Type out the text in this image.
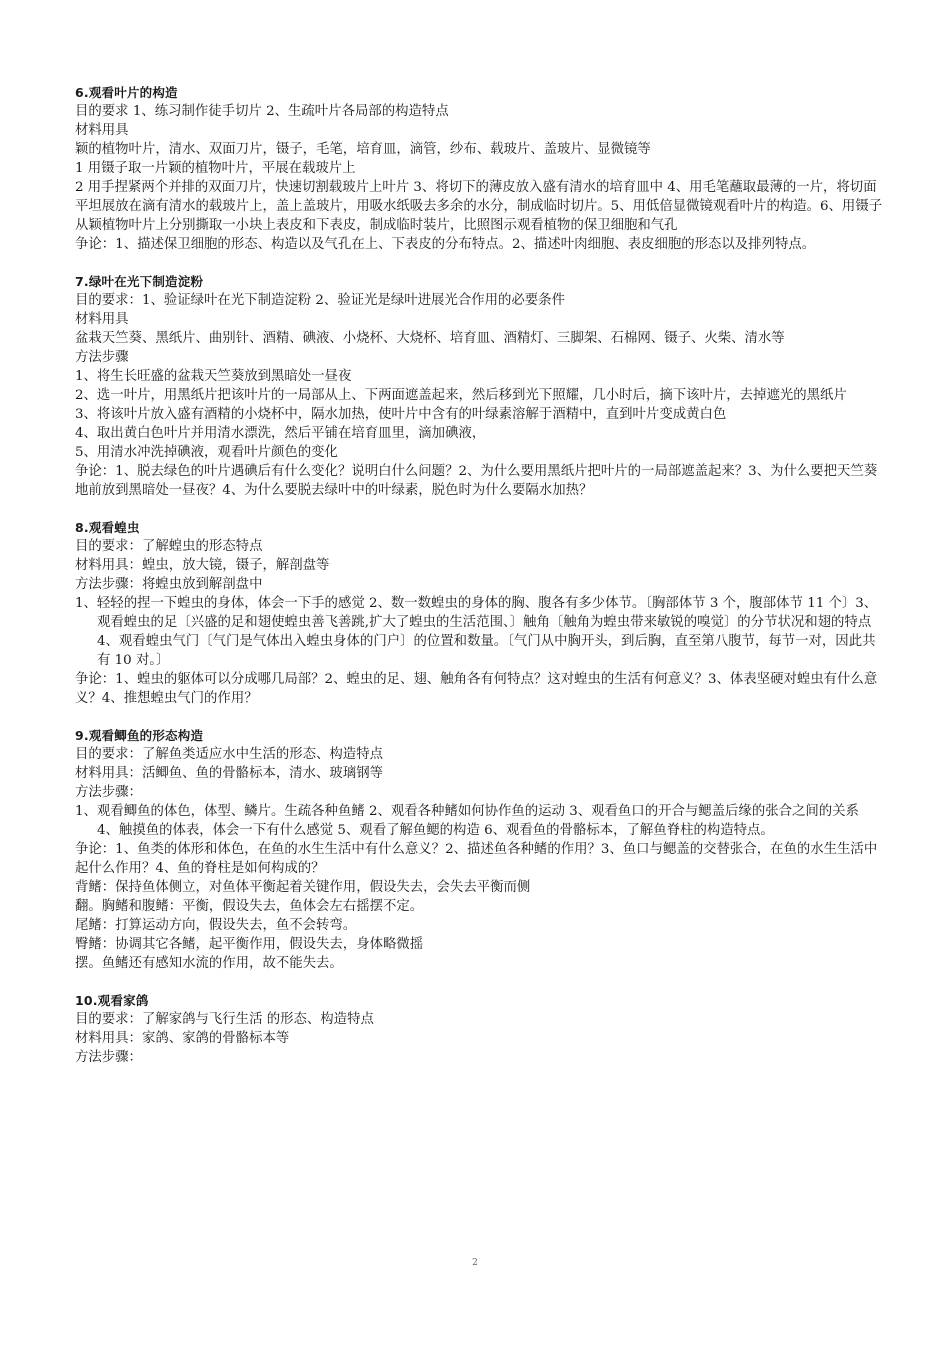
6.观看叶片的构造
目的要求 1、练习制作徒手切片 2、生疏叶片各局部的构造特点
材料用具
颖的植物叶片，清水、双面刀片，镊子，毛笔，培育皿，滴管，纱布、载玻片、盖玻片、显微镜等
1 用镊子取一片颖的植物叶片，平展在载玻片上
2 用手捏紧两个并排的双面刀片，快速切割载玻片上叶片 3、将切下的薄皮放入盛有清水的培育皿中 4、用毛笔蘸取最薄的一片，将切面平坦展放在滴有清水的载玻片上，盖上盖玻片，用吸水纸吸去多余的水分，制成临时切片。5、用低倍显微镜观看叶片的构造。6、用镊子从颖植物叶片上分别撕取一小块上表皮和下表皮，制成临时装片，比照图示观看植物的保卫细胞和气孔
争论：1、描述保卫细胞的形态、构造以及气孔在上、下表皮的分布特点。2、描述叶肉细胞、表皮细胞的形态以及排列特点。
7.绿叶在光下制造淀粉
目的要求：1、验证绿叶在光下制造淀粉 2、验证光是绿叶进展光合作用的必要条件
材料用具
盆栽天竺葵、黑纸片、曲别针、酒精、碘液、小烧杯、大烧杯、培育皿、酒精灯、三脚架、石棉网、镊子、火柴、清水等
方法步骤
1、将生长旺盛的盆栽天竺葵放到黑暗处一昼夜
2、选一叶片，用黑纸片把该叶片的一局部从上、下两面遮盖起来，然后移到光下照耀，几小时后，摘下该叶片，去掉遮光的黑纸片
3、将该叶片放入盛有酒精的小烧杯中，隔水加热，使叶片中含有的叶绿素溶解于酒精中，直到叶片变成黄白色
4、取出黄白色叶片并用清水漂洗，然后平铺在培育皿里，滴加碘液，
5、用清水冲洗掉碘液，观看叶片颜色的变化
争论：1、脱去绿色的叶片遇碘后有什么变化？说明白什么问题？2、为什么要用黑纸片把叶片的一局部遮盖起来？3、为什么要把天竺葵地前放到黑暗处一昼夜？4、为什么要脱去绿叶中的叶绿素，脱色时为什么要隔水加热？
8.观看蝗虫
目的要求：了解蝗虫的形态特点
材料用具：蝗虫，放大镜，镊子，解剖盘等
方法步骤：将蝗虫放到解剖盘中
1、轻轻的捏一下蝗虫的身体，体会一下手的感觉 2、数一数蝗虫的身体的胸、腹各有多少体节。〔胸部体节 3 个，腹部体节 11 个〕3、观看蝗虫的足〔兴盛的足和翅使蝗虫善飞善跳,扩大了蝗虫的生活范围、〕触角〔触角为蝗虫带来敏锐的嗅觉〕的分节状况和翅的特点 4、观看蝗虫气门〔气门是气体出入蝗虫身体的门户〕的位置和数量。〔气门从中胸开头，到后胸，直至第八腹节，每节一对，因此共有 10 对。〕
争论：1、蝗虫的躯体可以分成哪几局部？2、蝗虫的足、翅、触角各有何特点？这对蝗虫的生活有何意义？3、体表坚硬对蝗虫有什么意义？4、推想蝗虫气门的作用？
9.观看鲫鱼的形态构造
目的要求：了解鱼类适应水中生活的形态、构造特点
材料用具：活鲫鱼、鱼的骨骼标本，清水、玻璃钢等
方法步骤：
1、观看鲫鱼的体色，体型、鳞片。生疏各种鱼鳍 2、观看各种鳍如何协作鱼的运动 3、观看鱼口的开合与鳃盖后缘的张合之间的关系 4、触摸鱼的体表，体会一下有什么感觉 5、观看了解鱼鳃的构造 6、观看鱼的骨骼标本，了解鱼脊柱的构造特点。
争论：1、鱼类的体形和体色，在鱼的水生生活中有什么意义？2、描述鱼各种鳍的作用？3、鱼口与鳃盖的交替张合，在鱼的水生生活中起什么作用？4、鱼的脊柱是如何构成的？
背鳍：保持鱼体侧立，对鱼体平衡起着关键作用，假设失去，会失去平衡而侧
翻。胸鳍和腹鳍：平衡，假设失去，鱼体会左右摇摆不定。
尾鳍：打算运动方向，假设失去，鱼不会转弯。
臀鳍：协调其它各鳍，起平衡作用，假设失去，身体略微摇
摆。鱼鳍还有感知水流的作用，故不能失去。
10.观看家鸽
目的要求：了解家鸽与飞行生活 的形态、构造特点
材料用具：家鸽、家鸽的骨骼标本等
方法步骤：
2
